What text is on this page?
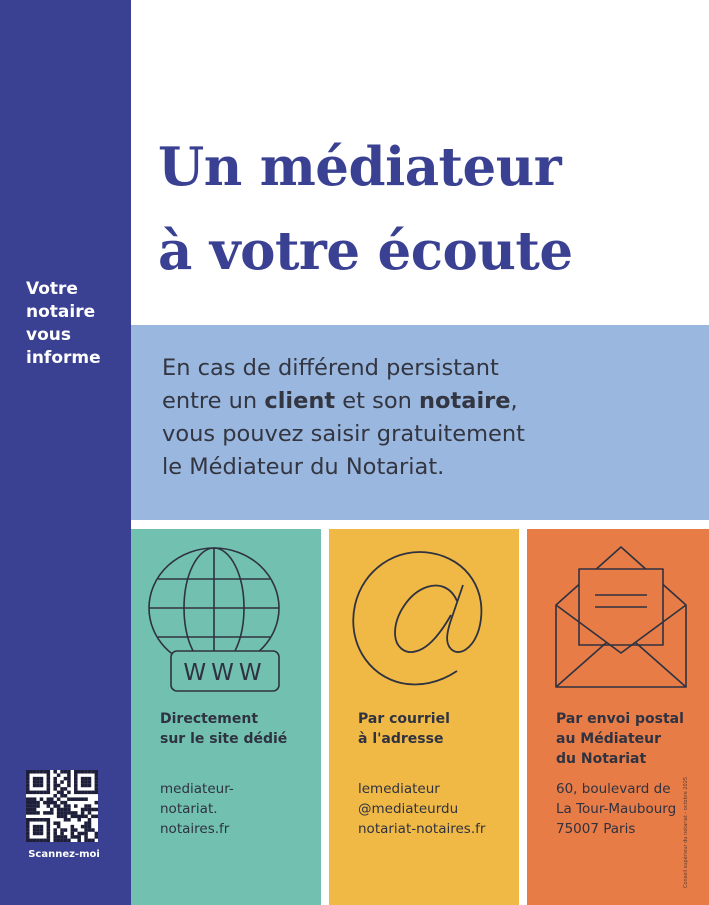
Votre
notaire
vous
informe
Scannez-moi
Un médiateur
à votre écoute
En cas de différend persistant
entre un client et son notaire,
vous pouvez saisir gratuitement
le Médiateur du Notariat.
WWW
Directement
sur le site dédié
mediateur-
notariat.
notaires.fr
Par courriel
à l'adresse
lemediateur
@mediateurdu
notariat-notaires.fr
Par envoi postal
au Médiateur
du Notariat
60, boulevard de
La Tour-Maubourg
75007 Paris	Conseil supérieur du notariat - octobre 2025
